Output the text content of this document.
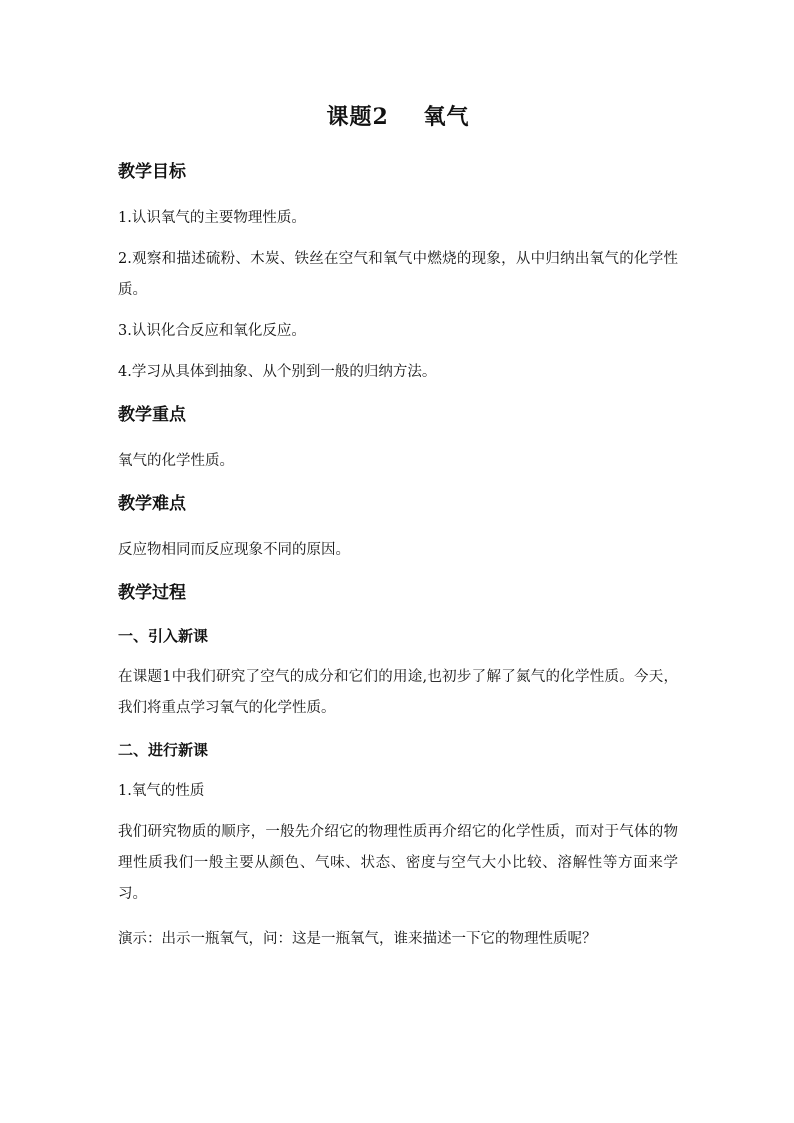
课题2    氧气
教学目标
1.认识氧气的主要物理性质。
2.观察和描述硫粉、木炭、铁丝在空气和氧气中燃烧的现象，从中归纳出氧气的化学性质。
3.认识化合反应和氧化反应。
4.学习从具体到抽象、从个别到一般的归纳方法。
教学重点
氧气的化学性质。
教学难点
反应物相同而反应现象不同的原因。
教学过程
一、引入新课
在课题1中我们研究了空气的成分和它们的用途,也初步了解了氮气的化学性质。今天，我们将重点学习氧气的化学性质。
二、进行新课
1.氧气的性质
我们研究物质的顺序，一般先介绍它的物理性质再介绍它的化学性质，而对于气体的物理性质我们一般主要从颜色、气味、状态、密度与空气大小比较、溶解性等方面来学习。
演示：出示一瓶氧气，问：这是一瓶氧气，谁来描述一下它的物理性质呢？
